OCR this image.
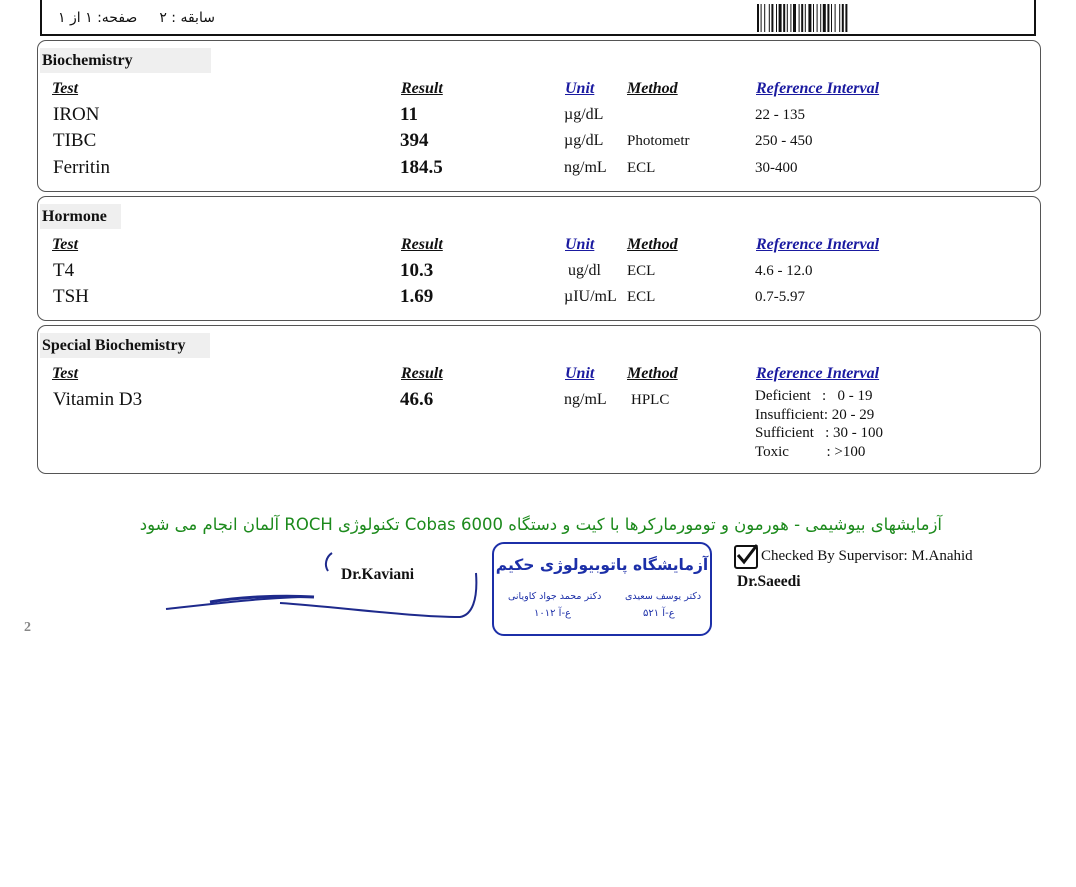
سابقه : ۲
صفحه: ۱ از ۱
Biochemistry
Test	Result	Unit Method	Reference Interval
IRON	11	µg/dL	22 - 135
TIBC	394	µg/dL Photometr	250 - 450
Ferritin	184.5	ng/mL ECL	30-400
Hormone
Test	Result	Unit Method	Reference Interval
T4	10.3	ug/dl ECL	4.6 - 12.0
TSH	1.69	µIU/mL ECL	0.7-5.97
Special Biochemistry
Test	Result	Unit Method	Reference Interval
Vitamin D3	46.6	ng/mL HPLC	Deficient   :   0 - 19
Insufficient: 20 - 29
Sufficient   : 30 - 100
Toxic          : >100
آزمایشهای بیوشیمی - هورمون و تومورمارکرها با کیت و دستگاه Cobas 6000 تکنولوژی ROCH آلمان انجام می شود
Checked By Supervisor: M.Anahid
Dr.Saeedi
Dr.Kaviani
آزمایشگاه پاتوبیولوژی حکیم
دکتر محمد جواد کاویانی دکتر یوسف سعیدی
ع-آ ۱۰۱۲	ع-آ ۵۲۱
2
